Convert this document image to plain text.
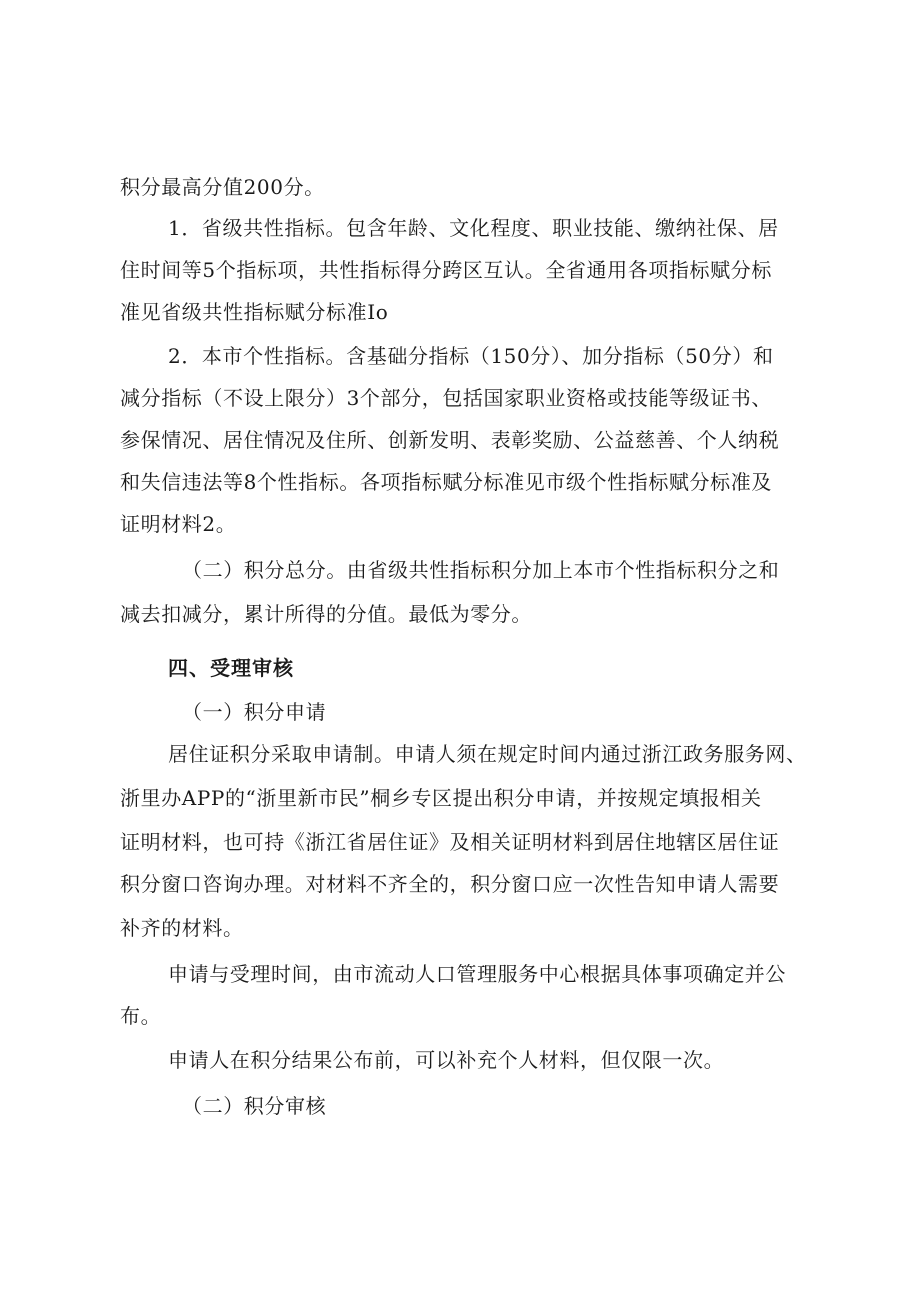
积分最高分值200分。
1．省级共性指标。包含年龄、文化程度、职业技能、缴纳社保、居
住时间等5个指标项，共性指标得分跨区互认。全省通用各项指标赋分标
准见省级共性指标赋分标准Io
2．本市个性指标。含基础分指标（150分）、加分指标（50分）和
减分指标（不设上限分）3个部分，包括国家职业资格或技能等级证书、
参保情况、居住情况及住所、创新发明、表彰奖励、公益慈善、个人纳税
和失信违法等8个性指标。各项指标赋分标准见市级个性指标赋分标准及
证明材料2。
（二）积分总分。由省级共性指标积分加上本市个性指标积分之和
减去扣减分，累计所得的分值。最低为零分。
四、受理审核
（一）积分申请
居住证积分采取申请制。申请人须在规定时间内通过浙江政务服务网、
浙里办APP的“浙里新市民”桐乡专区提出积分申请，并按规定填报相关
证明材料，也可持《浙江省居住证》及相关证明材料到居住地辖区居住证
积分窗口咨询办理。对材料不齐全的，积分窗口应一次性告知申请人需要
补齐的材料。
申请与受理时间，由市流动人口管理服务中心根据具体事项确定并公
布。
申请人在积分结果公布前，可以补充个人材料，但仅限一次。
（二）积分审核
